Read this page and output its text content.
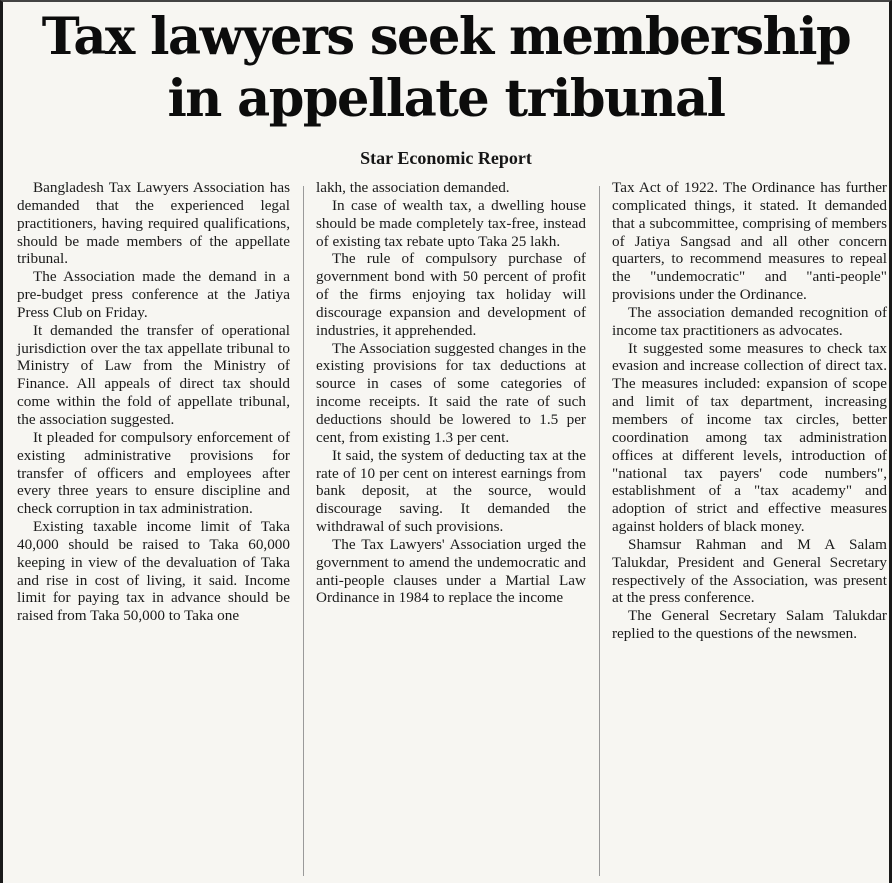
Tax lawyers seek membership
in appellate tribunal
Star Economic Report

Bangladesh Tax Lawyers Association has demanded that the experienced legal practitioners, having required qualifications, should be made members of the appellate tribunal.

The Association made the demand in a pre-budget press conference at the Jatiya Press Club on Friday.

It demanded the transfer of operational jurisdiction over the tax appellate tribunal to Ministry of Law from the Ministry of Finance. All appeals of direct tax should come within the fold of appellate tribunal, the association suggested.

It pleaded for compulsory enforcement of existing administrative provisions for transfer of officers and employees after every three years to ensure discipline and check corruption in tax administration.

Existing taxable income limit of Taka 40,000 should be raised to Taka 60,000 keeping in view of the devaluation of Taka and rise in cost of living, it said. Income limit for paying tax in advance should be raised from Taka 50,000 to Taka one

lakh, the association demanded.

In case of wealth tax, a dwelling house should be made completely tax-free, instead of existing tax rebate upto Taka 25 lakh.

The rule of compulsory purchase of government bond with 50 percent of profit of the firms enjoying tax holiday will discourage expansion and development of industries, it apprehended.

The Association suggested changes in the existing provisions for tax deductions at source in cases of some categories of income receipts. It said the rate of such deductions should be lowered to 1.5 per cent, from existing 1.3 per cent.

It said, the system of deducting tax at the rate of 10 per cent on interest earnings from bank deposit, at the source, would discourage saving. It demanded the withdrawal of such provisions.

The Tax Lawyers' Association urged the government to amend the undemocratic and anti-people clauses under a Martial Law Ordinance in 1984 to replace the income

Tax Act of 1922. The Ordinance has further complicated things, it stated. It demanded that a subcommittee, comprising of members of Jatiya Sangsad and all other concern quarters, to recommend measures to repeal the "undemocratic" and "anti-people" provisions under the Ordinance.

The association demanded recognition of income tax practitioners as advocates.

It suggested some measures to check tax evasion and increase collection of direct tax. The measures included: expansion of scope and limit of tax department, increasing members of income tax circles, better coordination among tax administration offices at different levels, introduction of "national tax payers' code numbers", establishment of a "tax academy" and adoption of strict and effective measures against holders of black money.

Shamsur Rahman and M A Salam Talukdar, President and General Secretary respectively of the Association, was present at the press conference.

The General Secretary Salam Talukdar replied to the questions of the newsmen.
